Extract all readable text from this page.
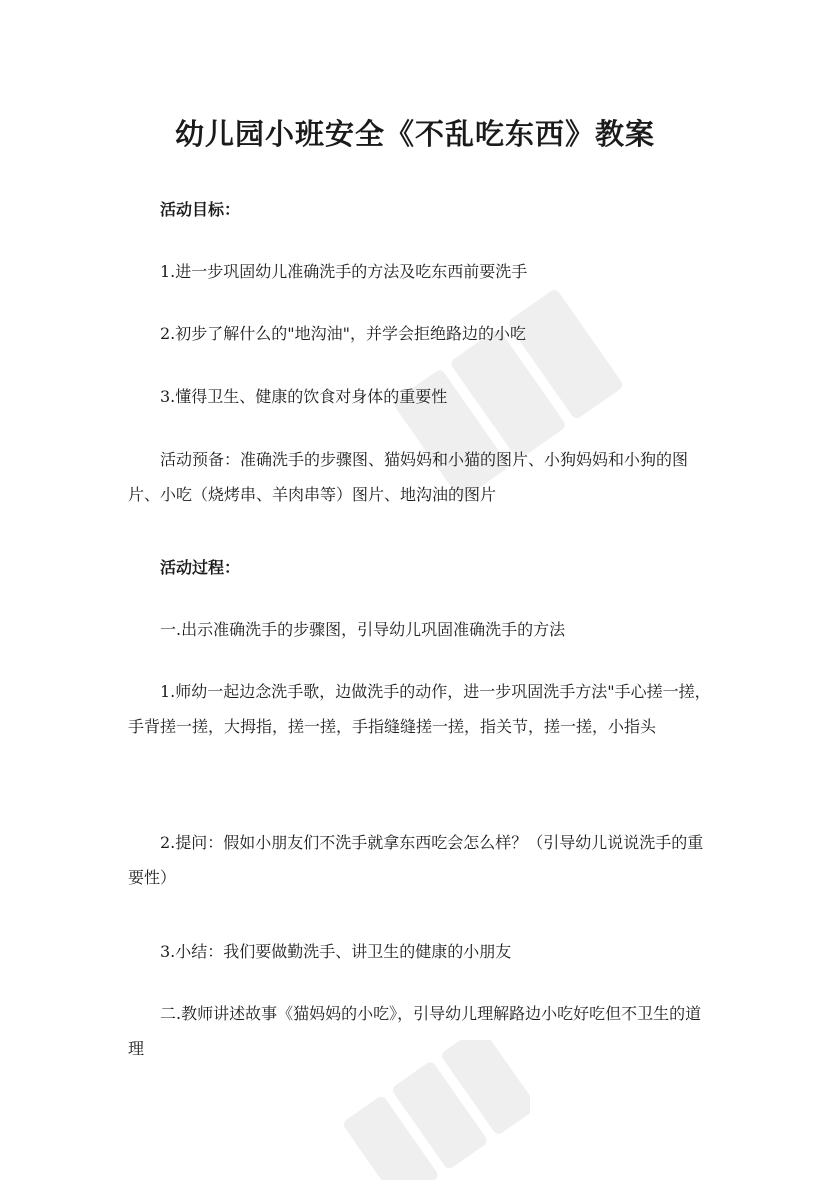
幼儿园小班安全《不乱吃东西》教案

活动目标：

1.进一步巩固幼儿准确洗手的方法及吃东西前要洗手

2.初步了解什么的"地沟油"，并学会拒绝路边的小吃

3.懂得卫生、健康的饮食对身体的重要性

活动预备：准确洗手的步骤图、猫妈妈和小猫的图片、小狗妈妈和小狗的图片、小吃（烧烤串、羊肉串等）图片、地沟油的图片

活动过程：

一.出示准确洗手的步骤图，引导幼儿巩固准确洗手的方法

1.师幼一起边念洗手歌，边做洗手的动作，进一步巩固洗手方法"手心搓一搓，手背搓一搓，大拇指，搓一搓，手指缝缝搓一搓，指关节，搓一搓，小指头

2.提问：假如小朋友们不洗手就拿东西吃会怎么样？（引导幼儿说说洗手的重要性）

3.小结：我们要做勤洗手、讲卫生的健康的小朋友

二.教师讲述故事《猫妈妈的小吃》，引导幼儿理解路边小吃好吃但不卫生的道理
